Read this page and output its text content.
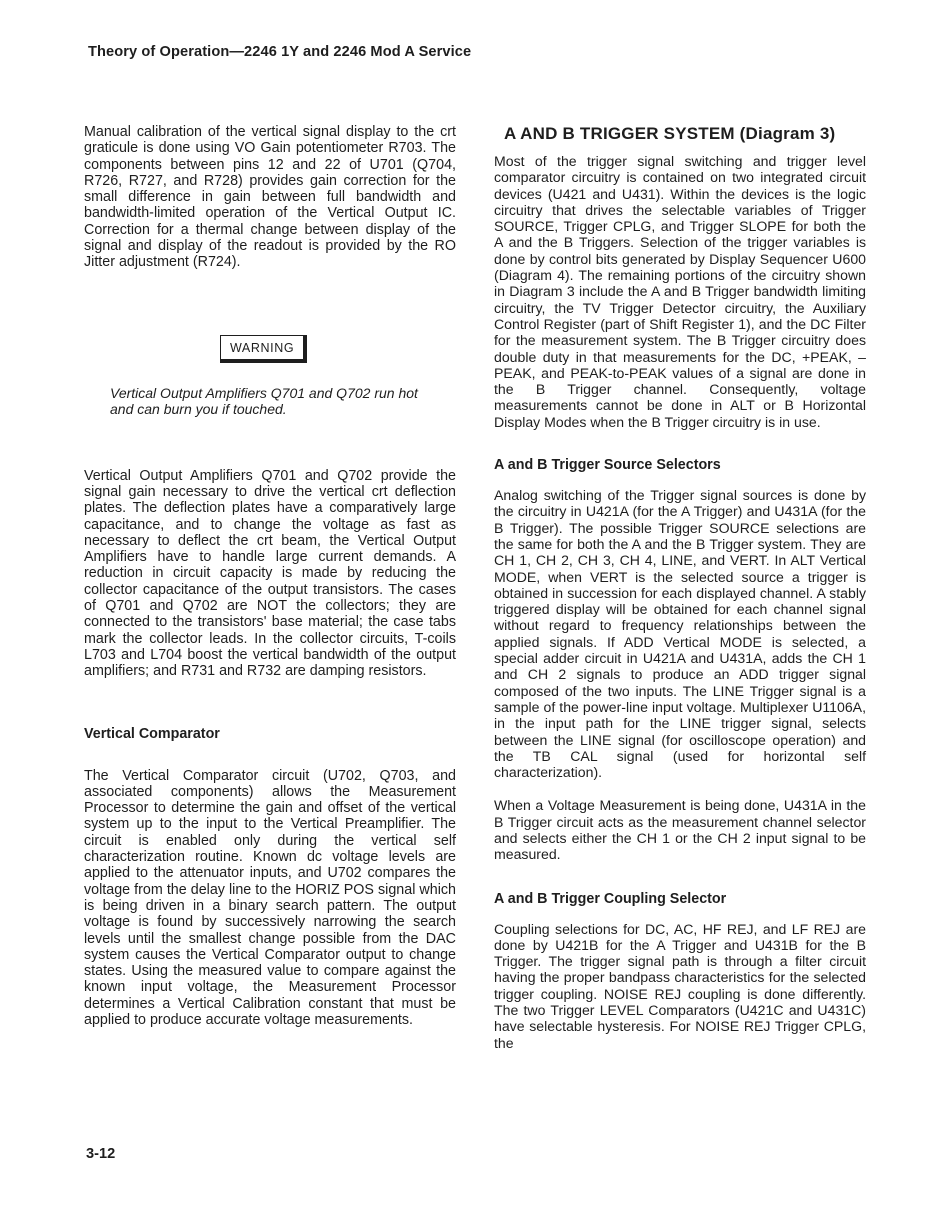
Theory of Operation—2246 1Y and 2246 Mod A Service

Manual calibration of the vertical signal display to the crt graticule is done using VO Gain potentiometer R703. The components between pins 12 and 22 of U701 (Q704, R726, R727, and R728) provides gain correction for the small difference in gain between full bandwidth and bandwidth-limited operation of the Vertical Output IC. Correction for a thermal change between display of the signal and display of the readout is provided by the RO Jitter adjustment (R724).

WARNING

Vertical Output Amplifiers Q701 and Q702 run hot and can burn you if touched.

Vertical Output Amplifiers Q701 and Q702 provide the signal gain necessary to drive the vertical crt deflection plates. The deflection plates have a comparatively large capacitance, and to change the voltage as fast as necessary to deflect the crt beam, the Vertical Output Amplifiers have to handle large current demands. A reduction in circuit capacity is made by reducing the collector capacitance of the output transistors. The cases of Q701 and Q702 are NOT the collectors; they are connected to the transistors' base material; the case tabs mark the collector leads. In the collector circuits, T-coils L703 and L704 boost the vertical bandwidth of the output amplifiers; and R731 and R732 are damping resistors.

Vertical Comparator

The Vertical Comparator circuit (U702, Q703, and associated components) allows the Measurement Processor to determine the gain and offset of the vertical system up to the input to the Vertical Preamplifier. The circuit is enabled only during the vertical self characterization routine. Known dc voltage levels are applied to the attenuator inputs, and U702 compares the voltage from the delay line to the HORIZ POS signal which is being driven in a binary search pattern. The output voltage is found by successively narrowing the search levels until the smallest change possible from the DAC system causes the Vertical Comparator output to change states. Using the measured value to compare against the known input voltage, the Measurement Processor determines a Vertical Calibration constant that must be applied to produce accurate voltage measurements.

A AND B TRIGGER SYSTEM (Diagram 3)

Most of the trigger signal switching and trigger level comparator circuitry is contained on two integrated circuit devices (U421 and U431). Within the devices is the logic circuitry that drives the selectable variables of Trigger SOURCE, Trigger CPLG, and Trigger SLOPE for both the A and the B Triggers. Selection of the trigger variables is done by control bits generated by Display Sequencer U600 (Diagram 4). The remaining portions of the circuitry shown in Diagram 3 include the A and B Trigger bandwidth limiting circuitry, the TV Trigger Detector circuitry, the Auxiliary Control Register (part of Shift Register 1), and the DC Filter for the measurement system. The B Trigger circuitry does double duty in that measurements for the DC, +PEAK, –PEAK, and PEAK-to-PEAK values of a signal are done in the B Trigger channel. Consequently, voltage measurements cannot be done in ALT or B Horizontal Display Modes when the B Trigger circuitry is in use.

A and B Trigger Source Selectors

Analog switching of the Trigger signal sources is done by the circuitry in U421A (for the A Trigger) and U431A (for the B Trigger). The possible Trigger SOURCE selections are the same for both the A and the B Trigger system. They are CH 1, CH 2, CH 3, CH 4, LINE, and VERT. In ALT Vertical MODE, when VERT is the selected source a trigger is obtained in succession for each displayed channel. A stably triggered display will be obtained for each channel signal without regard to frequency relationships between the applied signals. If ADD Vertical MODE is selected, a special adder circuit in U421A and U431A, adds the CH 1 and CH 2 signals to produce an ADD trigger signal composed of the two inputs. The LINE Trigger signal is a sample of the power-line input voltage. Multiplexer U1106A, in the input path for the LINE trigger signal, selects between the LINE signal (for oscilloscope operation) and the TB CAL signal (used for horizontal self characterization).

When a Voltage Measurement is being done, U431A in the B Trigger circuit acts as the measurement channel selector and selects either the CH 1 or the CH 2 input signal to be measured.

A and B Trigger Coupling Selector

Coupling selections for DC, AC, HF REJ, and LF REJ are done by U421B for the A Trigger and U431B for the B Trigger. The trigger signal path is through a filter circuit having the proper bandpass characteristics for the selected trigger coupling. NOISE REJ coupling is done differently. The two Trigger LEVEL Comparators (U421C and U431C) have selectable hysteresis. For NOISE REJ Trigger CPLG, the

3-12
